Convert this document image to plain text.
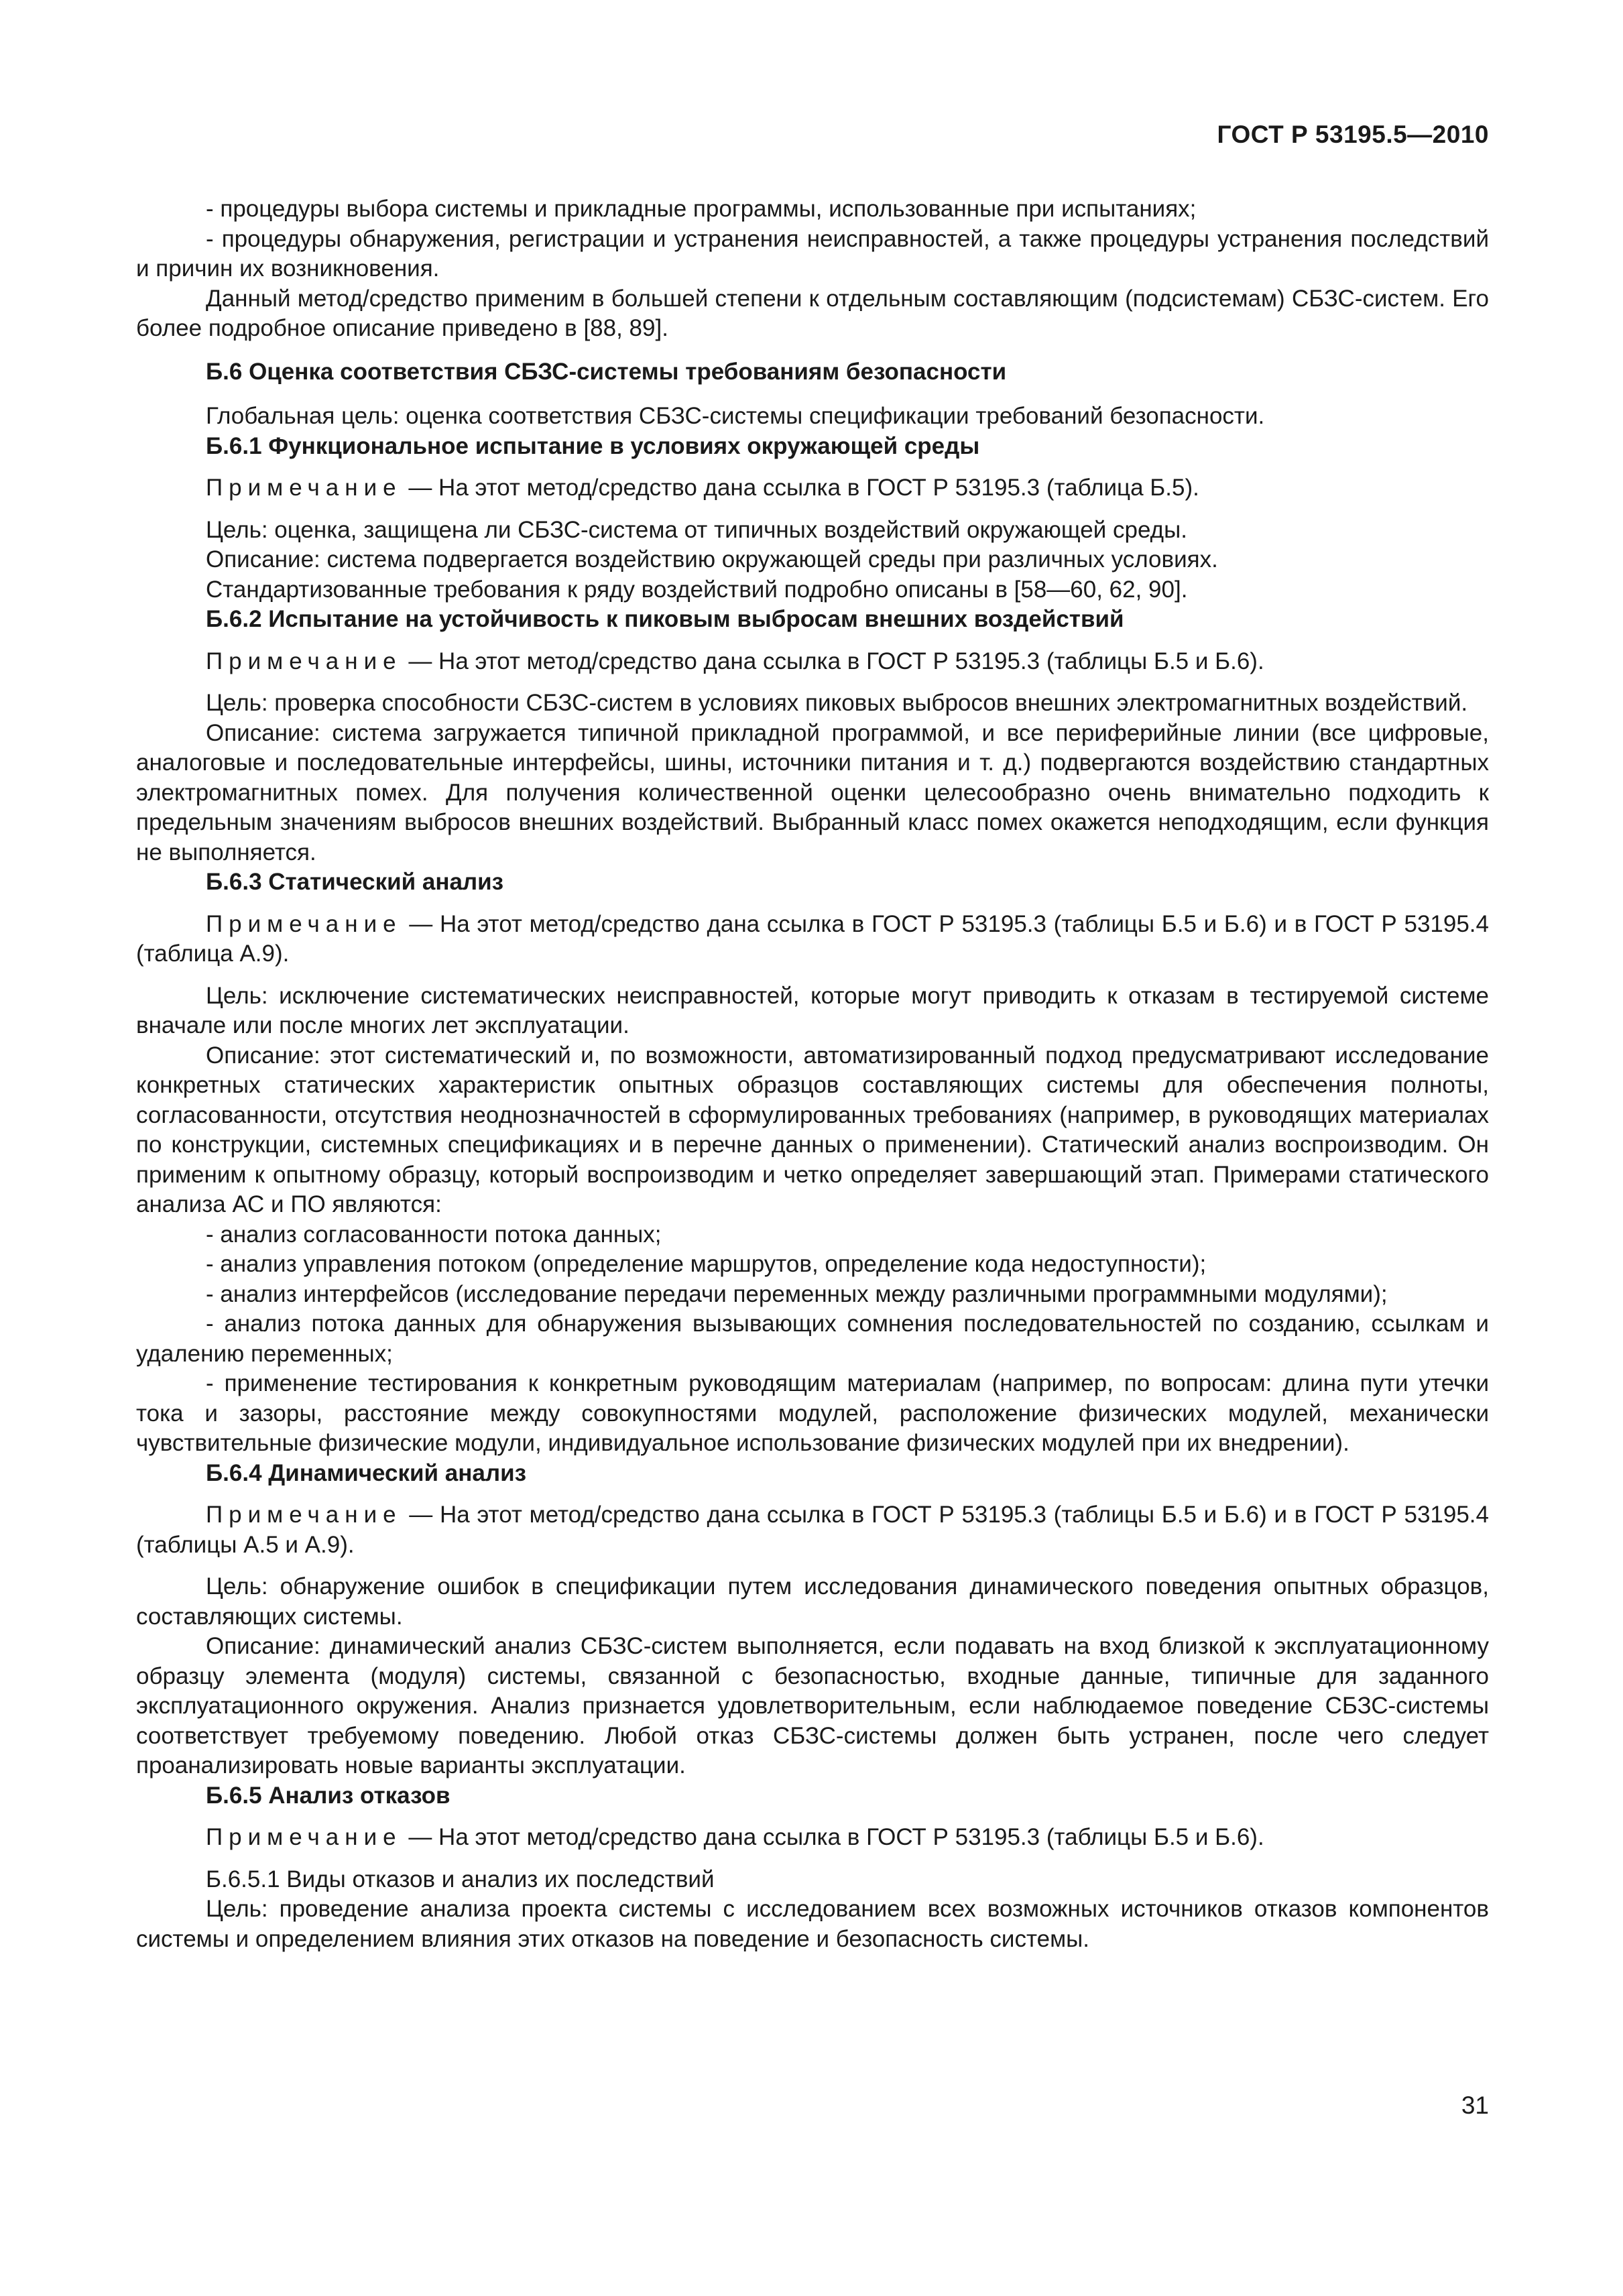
ГОСТ Р 53195.5—2010

- процедуры выбора системы и прикладные программы, использованные при испытаниях;

- процедуры обнаружения, регистрации и устранения неисправностей, а также процедуры устранения последствий и причин их возникновения.

Данный метод/средство применим в большей степени к отдельным составляющим (подсистемам) СБЗС-систем. Его более подробное описание приведено в [88, 89].

Б.6 Оценка соответствия СБЗС-системы требованиям безопасности

Глобальная цель: оценка соответствия СБЗС-системы спецификации требований безопасности.

Б.6.1 Функциональное испытание в условиях окружающей среды

Примечание — На этот метод/средство дана ссылка в ГОСТ Р 53195.3 (таблица Б.5).

Цель: оценка, защищена ли СБЗС-система от типичных воздействий окружающей среды.

Описание: система подвергается воздействию окружающей среды при различных условиях.

Стандартизованные требования к ряду воздействий подробно описаны в [58—60, 62, 90].

Б.6.2 Испытание на устойчивость к пиковым выбросам внешних воздействий

Примечание — На этот метод/средство дана ссылка в ГОСТ Р 53195.3 (таблицы Б.5 и Б.6).

Цель: проверка способности СБЗС-систем в условиях пиковых выбросов внешних электромагнитных воздействий.

Описание: система загружается типичной прикладной программой, и все периферийные линии (все цифровые, аналоговые и последовательные интерфейсы, шины, источники питания и т. д.) подвергаются воздействию стандартных электромагнитных помех. Для получения количественной оценки целесообразно очень внимательно подходить к предельным значениям выбросов внешних воздействий. Выбранный класс помех окажется неподходящим, если функция не выполняется.

Б.6.3 Статический анализ

Примечание — На этот метод/средство дана ссылка в ГОСТ Р 53195.3 (таблицы Б.5 и Б.6) и в ГОСТ Р 53195.4 (таблица А.9).

Цель: исключение систематических неисправностей, которые могут приводить к отказам в тестируемой системе вначале или после многих лет эксплуатации.

Описание: этот систематический и, по возможности, автоматизированный подход предусматривают исследование конкретных статических характеристик опытных образцов составляющих системы для обеспечения полноты, согласованности, отсутствия неоднозначностей в сформулированных требованиях (например, в руководящих материалах по конструкции, системных спецификациях и в перечне данных о применении). Статический анализ воспроизводим. Он применим к опытному образцу, который воспроизводим и четко определяет завершающий этап. Примерами статического анализа АС и ПО являются:

- анализ согласованности потока данных;

- анализ управления потоком (определение маршрутов, определение кода недоступности);

- анализ интерфейсов (исследование передачи переменных между различными программными модулями);

- анализ потока данных для обнаружения вызывающих сомнения последовательностей по созданию, ссылкам и удалению переменных;

- применение тестирования к конкретным руководящим материалам (например, по вопросам: длина пути утечки тока и зазоры, расстояние между совокупностями модулей, расположение физических модулей, механически чувствительные физические модули, индивидуальное использование физических модулей при их внедрении).

Б.6.4 Динамический анализ

Примечание — На этот метод/средство дана ссылка в ГОСТ Р 53195.3 (таблицы Б.5 и Б.6) и в ГОСТ Р 53195.4 (таблицы А.5 и А.9).

Цель: обнаружение ошибок в спецификации путем исследования динамического поведения опытных образцов, составляющих системы.

Описание: динамический анализ СБЗС-систем выполняется, если подавать на вход близкой к эксплуатационному образцу элемента (модуля) системы, связанной с безопасностью, входные данные, типичные для заданного эксплуатационного окружения. Анализ признается удовлетворительным, если наблюдаемое поведение СБЗС-системы соответствует требуемому поведению. Любой отказ СБЗС-системы должен быть устранен, после чего следует проанализировать новые варианты эксплуатации.

Б.6.5 Анализ отказов

Примечание — На этот метод/средство дана ссылка в ГОСТ Р 53195.3 (таблицы Б.5 и Б.6).

Б.6.5.1 Виды отказов и анализ их последствий

Цель: проведение анализа проекта системы с исследованием всех возможных источников отказов компонентов системы и определением влияния этих отказов на поведение и безопасность системы.

31
